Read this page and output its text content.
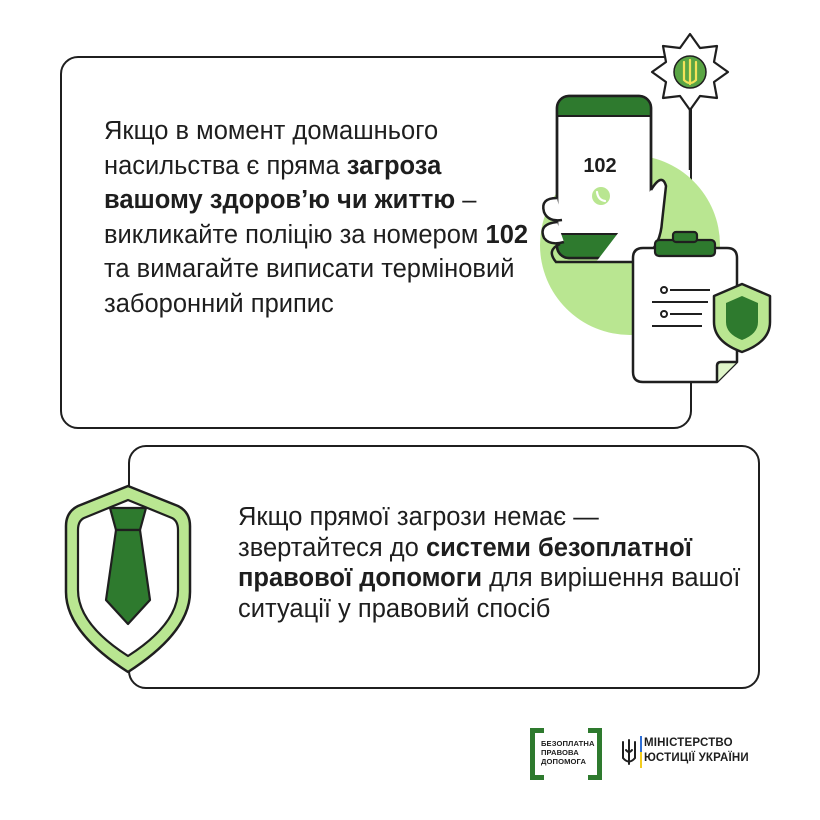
102
Якщо в момент домашнього насильства є пряма загроза вашому здоров’ю чи життю – викликайте поліцію за номером 102 та вимагайте виписати терміновий заборонний припис
Якщо прямої загрози немає — звертайтеся до системи безоплатної правової допомоги для вирішення вашої ситуації у правовий спосіб
БЕЗОПЛАТНА ПРАВОВА ДОПОМОГА
МІНІСТЕРСТВО
ЮСТИЦІЇ УКРАЇНИ
